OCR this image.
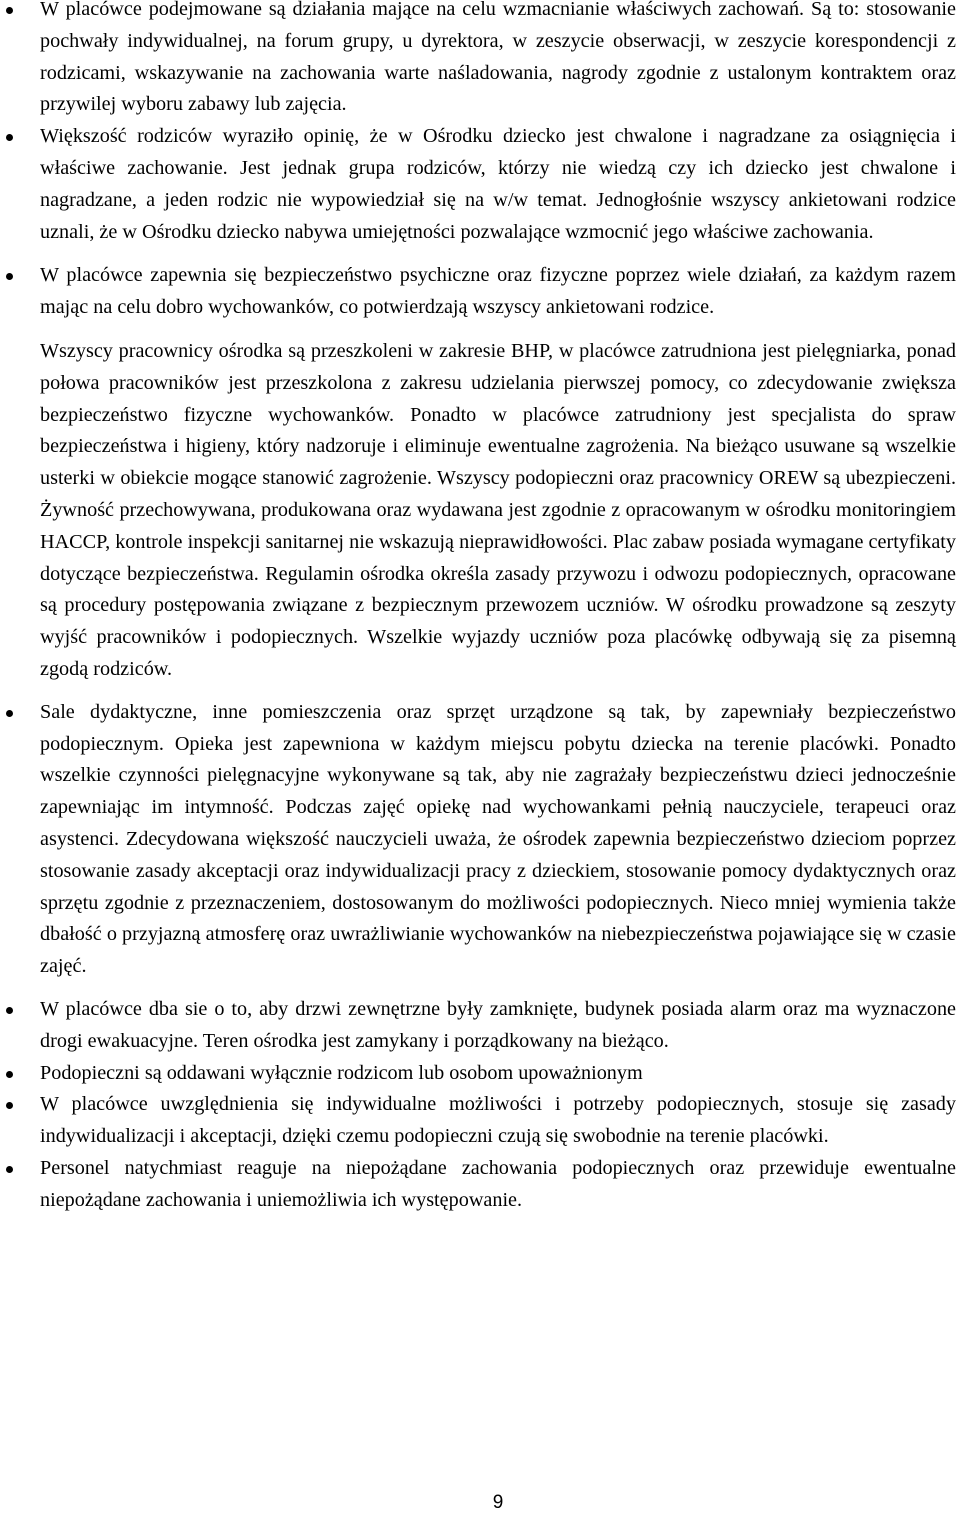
W placówce podejmowane są działania mające na celu wzmacnianie właściwych zachowań. Są to: stosowanie pochwały indywidualnej, na forum grupy, u dyrektora, w zeszycie obserwacji, w zeszycie korespondencji z rodzicami, wskazywanie na zachowania warte naśladowania, nagrody zgodnie z ustalonym kontraktem oraz przywilej wyboru zabawy lub zajęcia.

Większość rodziców wyraziło opinię, że w Ośrodku dziecko jest chwalone i nagradzane za osiągnięcia i właściwe zachowanie. Jest jednak grupa rodziców, którzy nie wiedzą czy ich dziecko jest chwalone i nagradzane, a jeden rodzic nie wypowiedział się na w/w temat. Jednogłośnie wszyscy ankietowani rodzice uznali, że w Ośrodku dziecko nabywa umiejętności pozwalające wzmocnić jego właściwe zachowania.

W placówce zapewnia się bezpieczeństwo psychiczne oraz fizyczne poprzez wiele działań, za każdym razem mając na celu dobro wychowanków, co potwierdzają wszyscy ankietowani rodzice.

Wszyscy pracownicy ośrodka są przeszkoleni w zakresie BHP, w placówce zatrudniona jest pielęgniarka, ponad połowa pracowników jest przeszkolona z zakresu udzielania pierwszej pomocy, co zdecydowanie zwiększa bezpieczeństwo fizyczne wychowanków. Ponadto w placówce zatrudniony jest specjalista do spraw bezpieczeństwa i higieny, który nadzoruje i eliminuje ewentualne zagrożenia. Na bieżąco usuwane są wszelkie usterki w obiekcie mogące stanowić zagrożenie. Wszyscy podopieczni oraz pracownicy OREW są ubezpieczeni. Żywność przechowywana, produkowana oraz wydawana jest zgodnie z opracowanym w ośrodku monitoringiem HACCP, kontrole inspekcji sanitarnej nie wskazują nieprawidłowości. Plac zabaw posiada wymagane certyfikaty dotyczące bezpieczeństwa. Regulamin ośrodka określa zasady przywozu i odwozu podopiecznych, opracowane są procedury postępowania związane z bezpiecznym przewozem uczniów. W ośrodku prowadzone są zeszyty wyjść pracowników i podopiecznych. Wszelkie wyjazdy uczniów poza placówkę odbywają się za pisemną zgodą rodziców.

Sale dydaktyczne, inne pomieszczenia oraz sprzęt urządzone są tak, by zapewniały bezpieczeństwo podopiecznym. Opieka jest zapewniona w każdym miejscu pobytu dziecka na terenie placówki. Ponadto wszelkie czynności pielęgnacyjne wykonywane są tak, aby nie zagrażały bezpieczeństwu dzieci jednocześnie zapewniając im intymność. Podczas zajęć opiekę nad wychowankami pełnią nauczyciele, terapeuci oraz asystenci. Zdecydowana większość nauczycieli uważa, że ośrodek zapewnia bezpieczeństwo dzieciom poprzez stosowanie zasady akceptacji oraz indywidualizacji pracy z dzieckiem, stosowanie pomocy dydaktycznych oraz sprzętu zgodnie z przeznaczeniem, dostosowanym do możliwości podopiecznych. Nieco mniej wymienia także dbałość o przyjazną atmosferę oraz uwrażliwianie wychowanków na niebezpieczeństwa pojawiające się w czasie zajęć.

W placówce dba sie o to, aby drzwi zewnętrzne były zamknięte, budynek posiada alarm oraz ma wyznaczone drogi ewakuacyjne. Teren ośrodka jest zamykany i porządkowany na bieżąco.

Podopieczni są oddawani wyłącznie rodzicom lub osobom upoważnionym

W placówce uwzględnienia się indywidualne możliwości i potrzeby podopiecznych, stosuje się zasady indywidualizacji i akceptacji, dzięki czemu podopieczni czują się swobodnie na terenie placówki.

Personel natychmiast reaguje na niepożądane zachowania podopiecznych oraz przewiduje ewentualne niepożądane zachowania i uniemożliwia ich występowanie.

9
